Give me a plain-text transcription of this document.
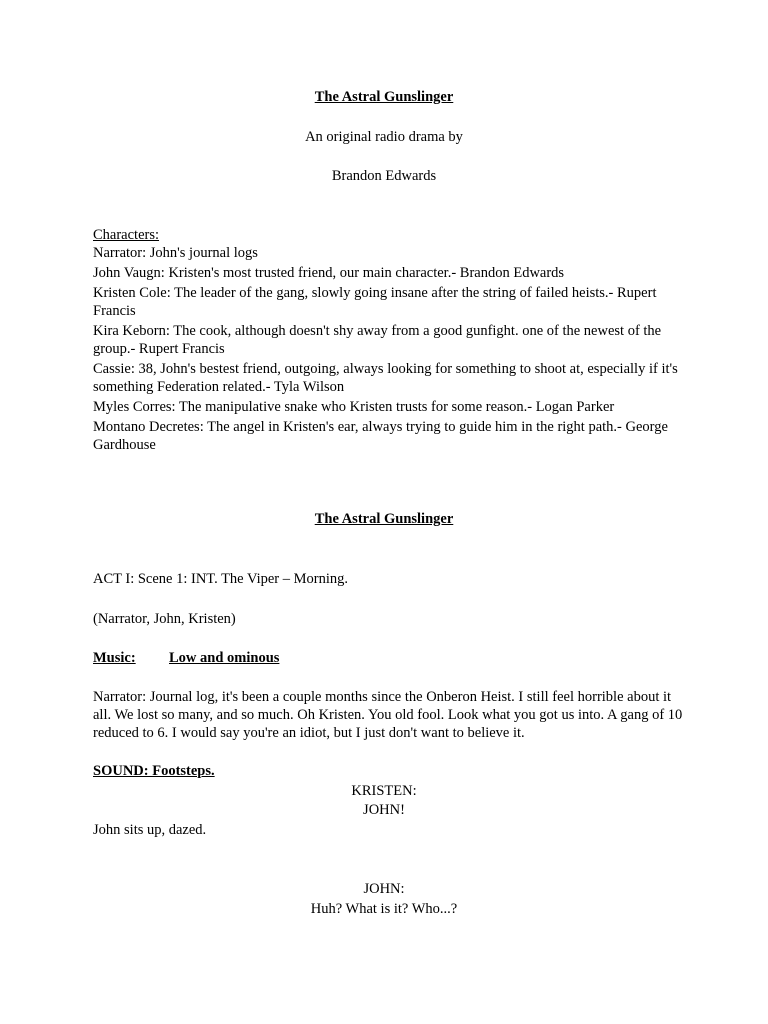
The Astral Gunslinger
An original radio drama by
Brandon Edwards
Characters:
Narrator: John's journal logs
John Vaugn: Kristen's most trusted friend, our main character.- Brandon Edwards
Kristen Cole: The leader of the gang, slowly going insane after the string of failed heists.- Rupert Francis
Kira Keborn: The cook, although doesn't shy away from a good gunfight. one of the newest of the group.- Rupert Francis
Cassie: 38, John's bestest friend, outgoing, always looking for something to shoot at, especially if it's something Federation related.- Tyla Wilson
Myles Corres: The manipulative snake who Kristen trusts for some reason.- Logan Parker
Montano Decretes: The angel in Kristen's ear, always trying to guide him in the right path.- George Gardhouse
The Astral Gunslinger
ACT I: Scene 1: INT. The Viper – Morning.
(Narrator, John, Kristen)
Music: Low and ominous
Narrator: Journal log, it's been a couple months since the Onberon Heist. I still feel horrible about it all. We lost so many, and so much. Oh Kristen. You old fool. Look what you got us into. A gang of 10 reduced to 6. I would say you're an idiot, but I just don't want to believe it.
SOUND: Footsteps.
KRISTEN:
JOHN!
John sits up, dazed.
JOHN:
Huh? What is it? Who...?
